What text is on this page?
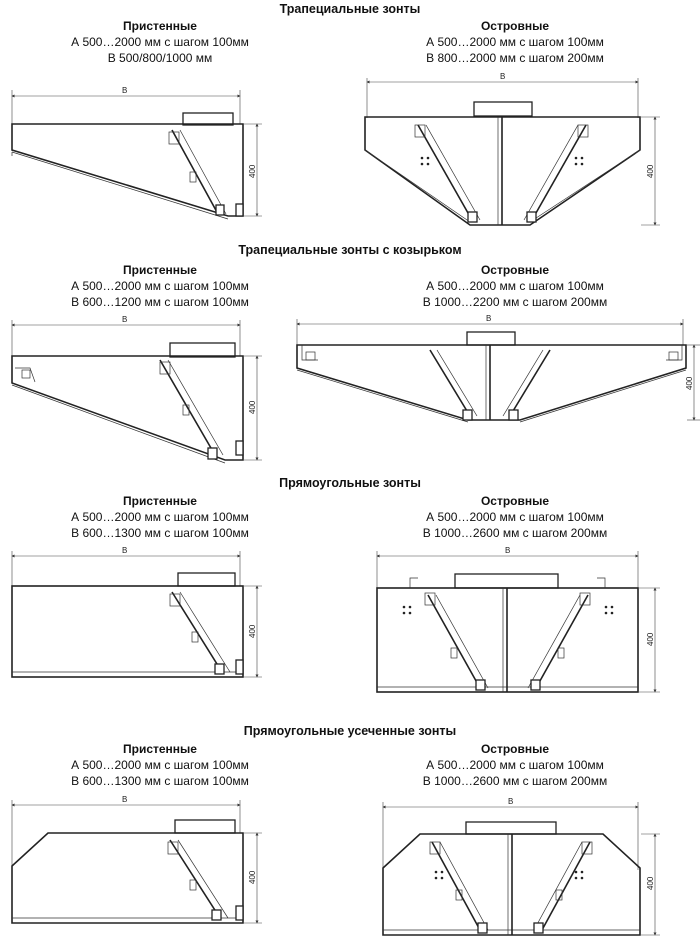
Трапециальные зонты
Пристенные
А 500…2000 мм с шагом 100мм
В 500/800/1000 мм
Островные
А 500…2000 мм с шагом 100мм
В 800…2000 мм с шагом 200мм
Трапециальные зонты с козырьком
Пристенные
А 500…2000 мм с шагом 100мм
В 600…1200 мм с шагом 100мм
Островные
А 500…2000 мм с шагом 100мм
В 1000…2200 мм с шагом 200мм
Прямоугольные зонты
Пристенные
А 500…2000 мм с шагом 100мм
В 600…1300 мм с шагом 100мм
Островные
А 500…2000 мм с шагом 100мм
В 1000…2600 мм с шагом 200мм
Прямоугольные усеченные зонты
Пристенные
А 500…2000 мм с шагом 100мм
В 600…1300 мм с шагом 100мм
Островные
А 500…2000 мм с шагом 100мм
В 1000…2600 мм с шагом 200мм
В
400
В
400
В
400
В
400
В
400
В
400
В
400
В
400
